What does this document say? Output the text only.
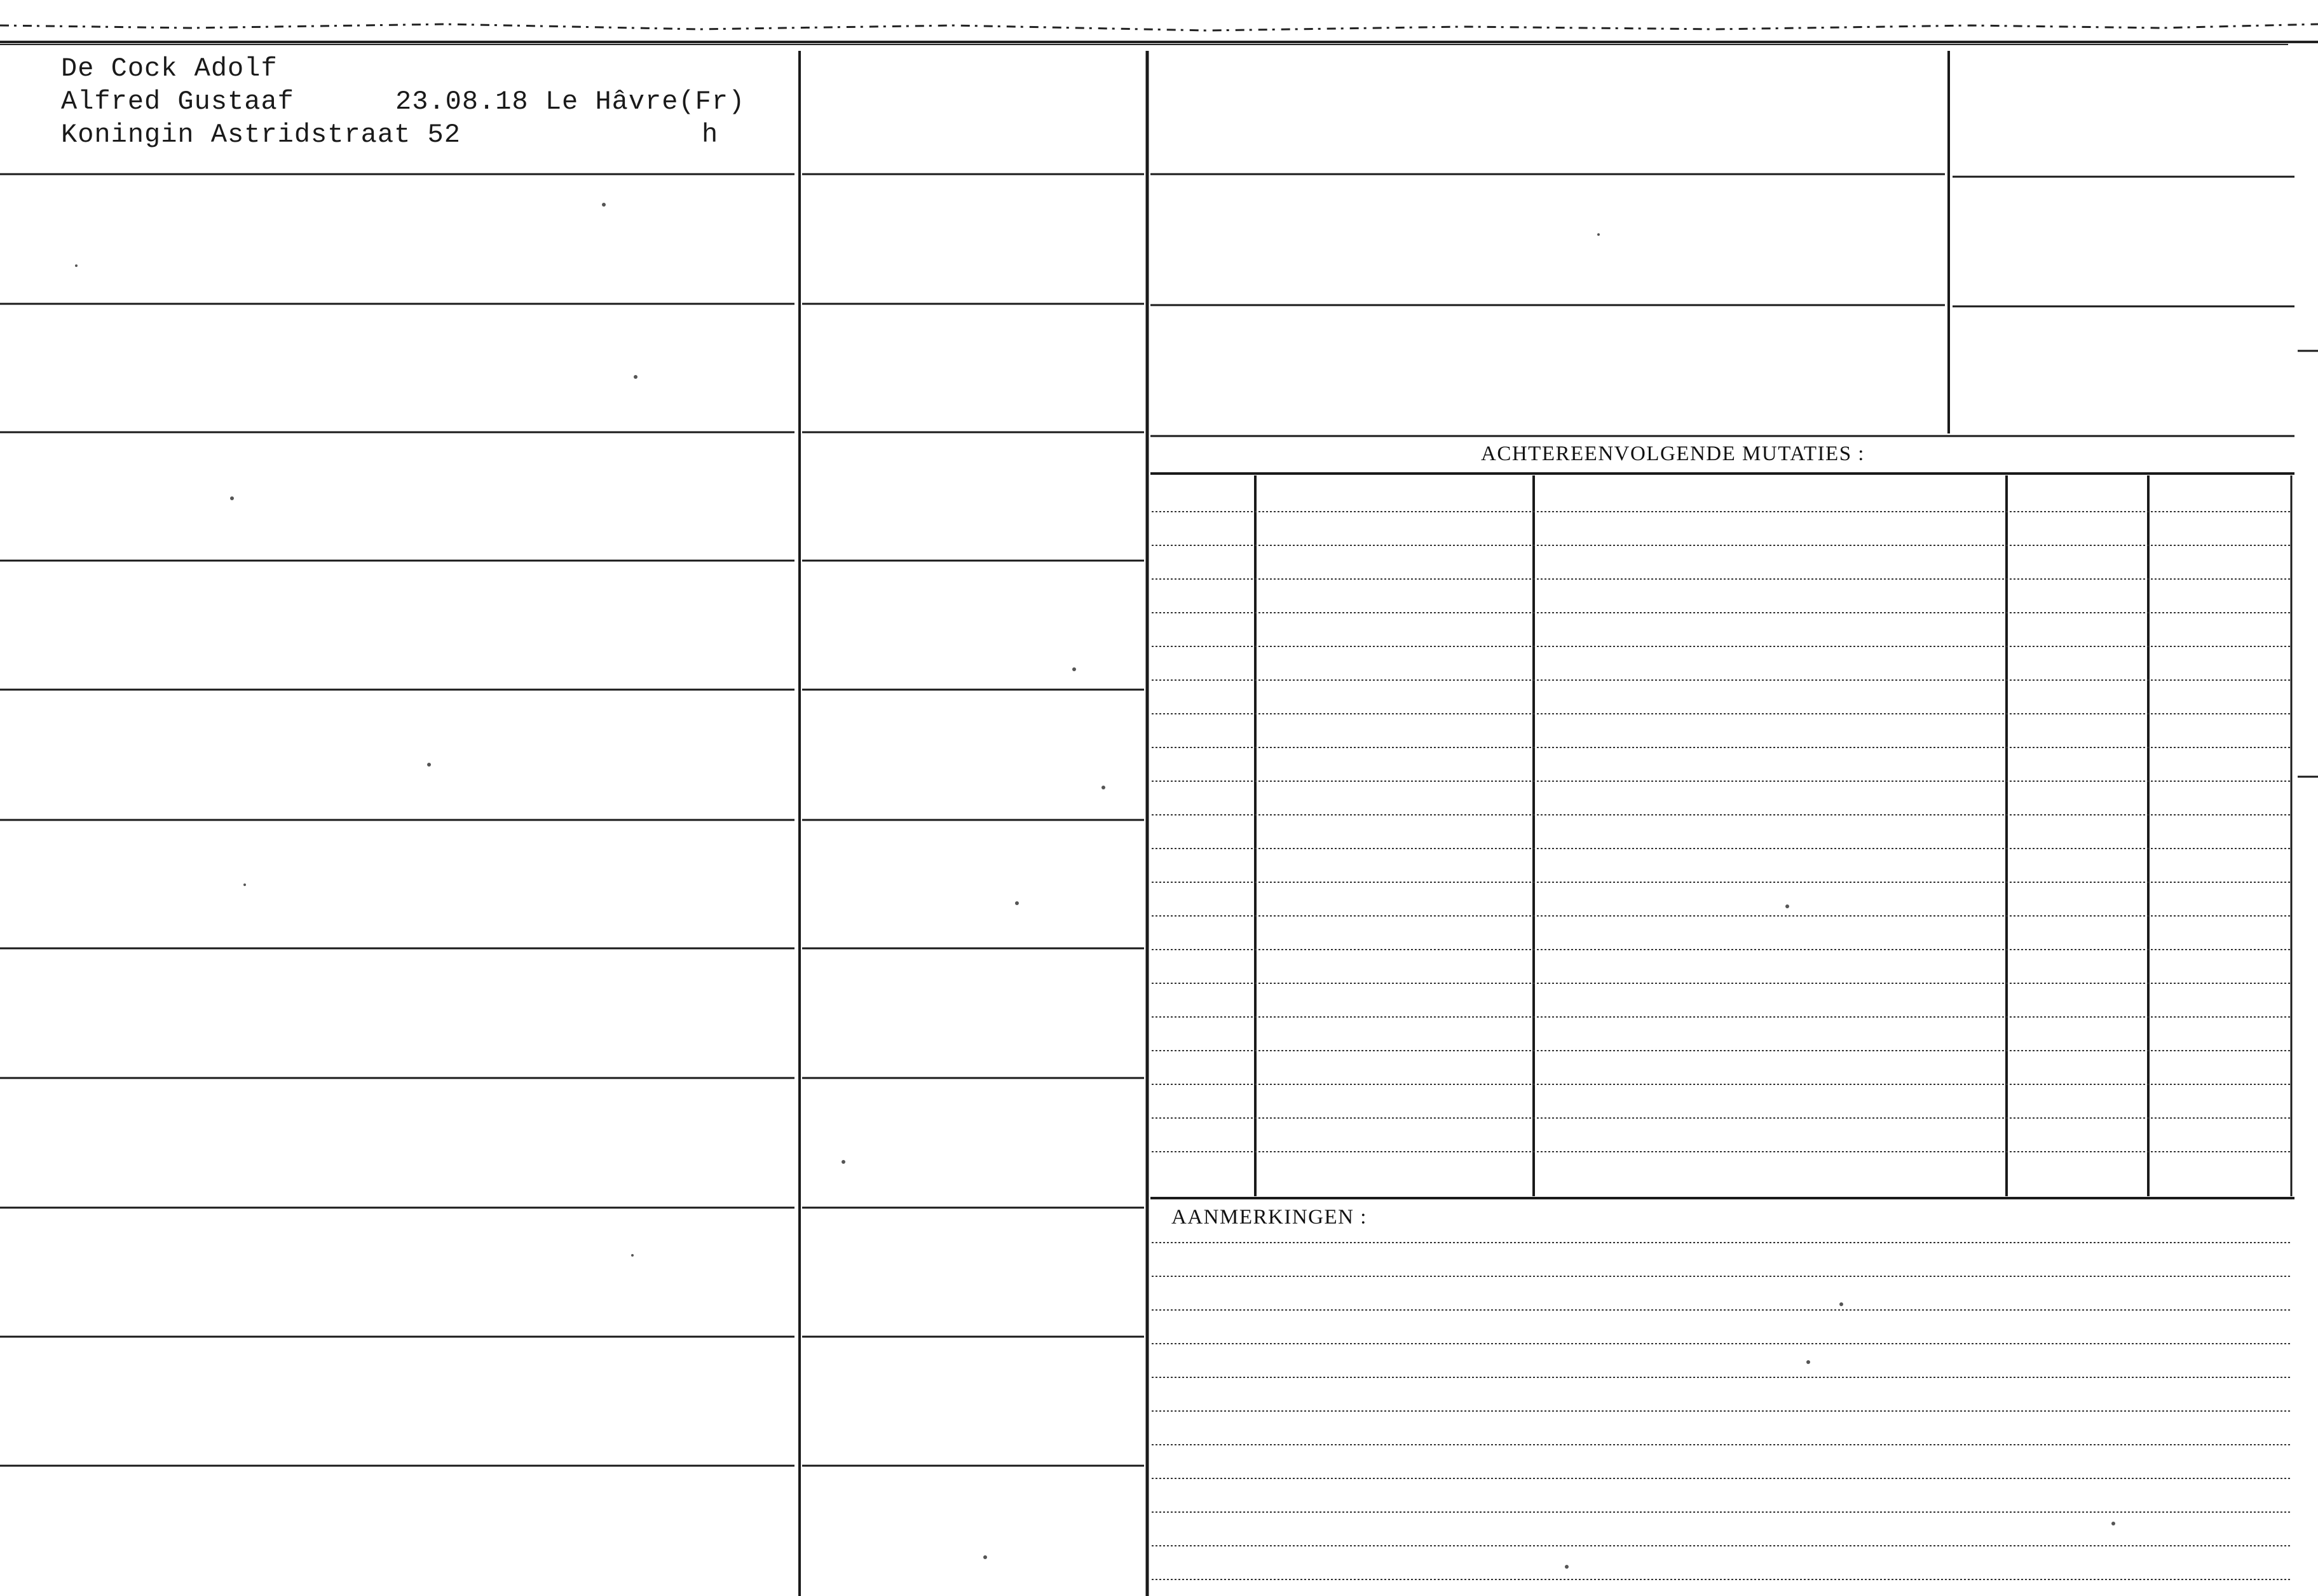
De Cock Adolf
Alfred Gustaaf	23.08.18 Le Hâvre(Fr)
Koningin Astridstraat 52	h
ACHTEREENVOLGENDE MUTATIES :
AANMERKINGEN :
